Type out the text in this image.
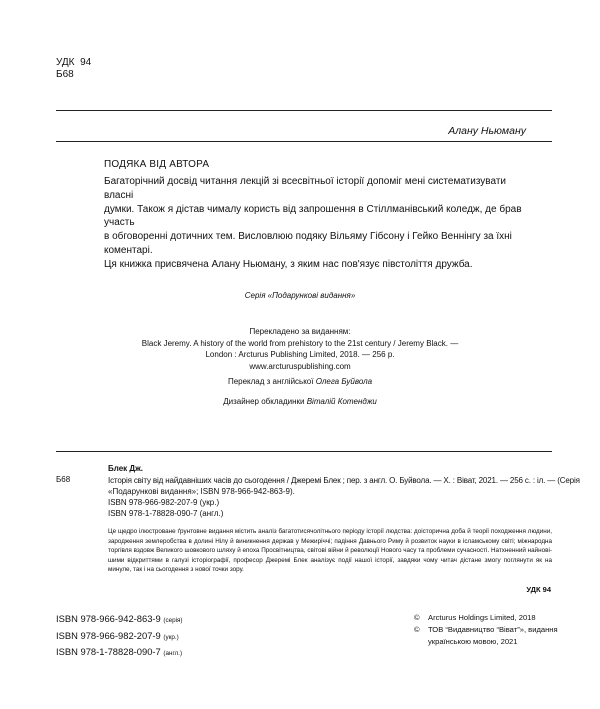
УДК 94
Б68
Алану Ньюману
ПОДЯКА ВІД АВТОРА
Багаторічний досвід читання лекцій зі всесвітньої історії допоміг мені систематизувати власні
думки. Також я дістав чималу користь від запрошення в Стіллманівський коледж, де брав участь
в обговоренні дотичних тем. Висловлюю подяку Вільяму Гібсону і Гейко Веннінгу за їхні коментарі.
Ця книжка присвячена Алану Ньюману, з яким нас пов'язує півстоліття дружба.
Серія «Подарункові видання»
Перекладено за виданням:
Black Jeremy. A history of the world from prehistory to the 21st century / Jeremy Black. —
London : Arcturus Publishing Limited, 2018. — 256 p.
www.arcturuspublishing.com
Переклад з англійської Олега Буйвола
Дизайнер обкладинки Віталій Котенджи
Блек Дж.
Б68	Історія світу від найдавніших часів до сьогодення / Джеремі Блек ; пер. з англ. О. Буйвола. — Х. : Віват, 2021. — 256 с. : іл. — (Серія
«Подарункові видання»; ISBN 978-966-942-863-9).
ISBN 978-966-982-207-9 (укр.)
ISBN 978-1-78828-090-7 (англ.)
Це щедро ілюстроване ґрунтовне видання містить аналіз багатотисячолітнього періоду історії людства: доісторична доба й теорії походження людини, зародження землеробства в долині Нілу й виникнення держав у Межиріччі; падіння Давнього Риму й розвиток науки в ісламському світі; міжнародна торгівля вздовж Великого шовкового шляху й епоха Просвітництва, світові війни й революції Нового часу та проблеми сучасності. Натхненний найнові-шими відкриттями в галузі історіографії, професор Джеремі Блек аналізує події нашої історії, завдяки чому читач дістане змогу поглянути як на минуле, так і на сьогодення з нової точки зору.
УДК 94
ISBN 978-966-942-863-9 (серія)
ISBN 978-966-982-207-9 (укр.)
ISBN 978-1-78828-090-7 (англ.)
©	Arcturus Holdings Limited, 2018
©	ТОВ “Видавництво “Віват”», видання
українською мовою, 2021
